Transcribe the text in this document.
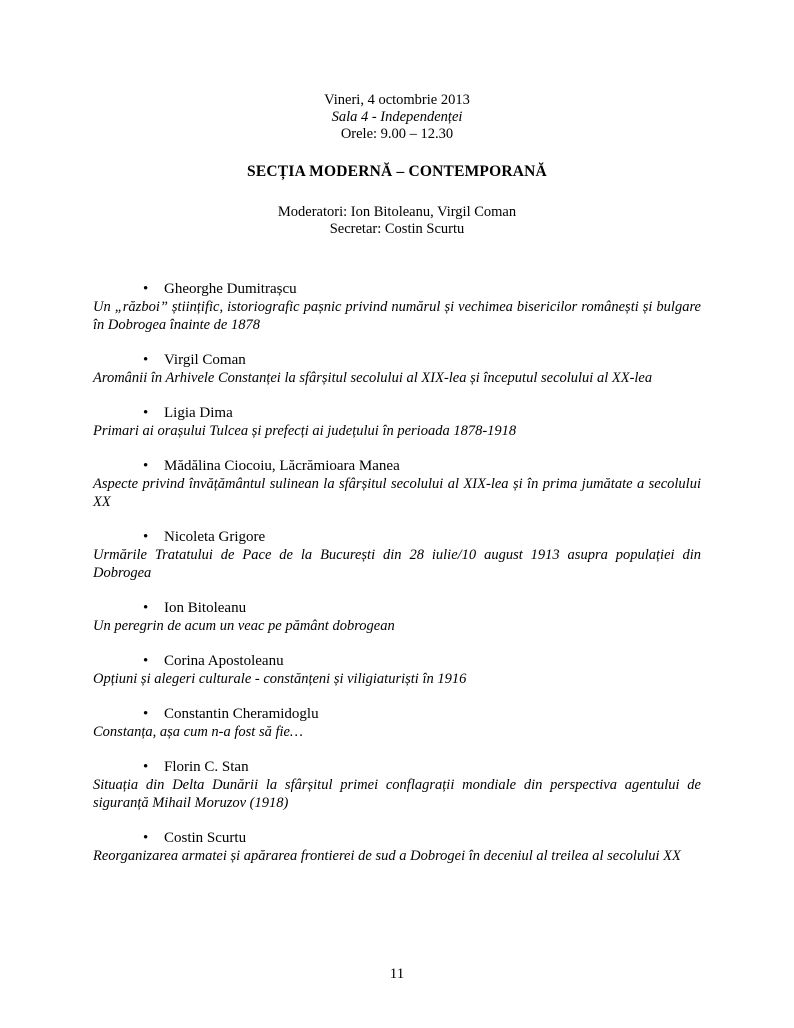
Vineri, 4 octombrie 2013
Sala 4 - Independenței
Orele: 9.00 – 12.30
SECȚIA MODERNĂ – CONTEMPORANĂ
Moderatori: Ion Bitoleanu, Virgil Coman
Secretar: Costin Scurtu
• Gheorghe Dumitrașcu
Un „război” științific, istoriografic pașnic privind numărul și vechimea bisericilor românești și bulgare în Dobrogea înainte de 1878
• Virgil Coman
Aromânii în Arhivele Constanței la sfârșitul secolului al XIX-lea și începutul secolului al XX-lea
• Ligia Dima
Primari ai orașului Tulcea și prefecți ai județului în perioada 1878-1918
• Mădălina Ciocoiu, Lăcrămioara Manea
Aspecte privind învățământul sulinean la sfârșitul secolului al XIX-lea și în prima jumătate a secolului XX
• Nicoleta Grigore
Urmările Tratatului de Pace de la București din 28 iulie/10 august 1913 asupra populației din Dobrogea
• Ion Bitoleanu
Un peregrin de acum un veac pe pământ dobrogean
• Corina Apostoleanu
Opțiuni și alegeri culturale - constănțeni și viligiaturiști în 1916
• Constantin Cheramidoglu
Constanța, așa cum n-a fost să fie…
• Florin C. Stan
Situația din Delta Dunării la sfârșitul primei conflagrații mondiale din perspectiva agentului de siguranță Mihail Moruzov (1918)
• Costin Scurtu
Reorganizarea armatei și apărarea frontierei de sud a Dobrogei în deceniul al treilea al secolului XX
11
